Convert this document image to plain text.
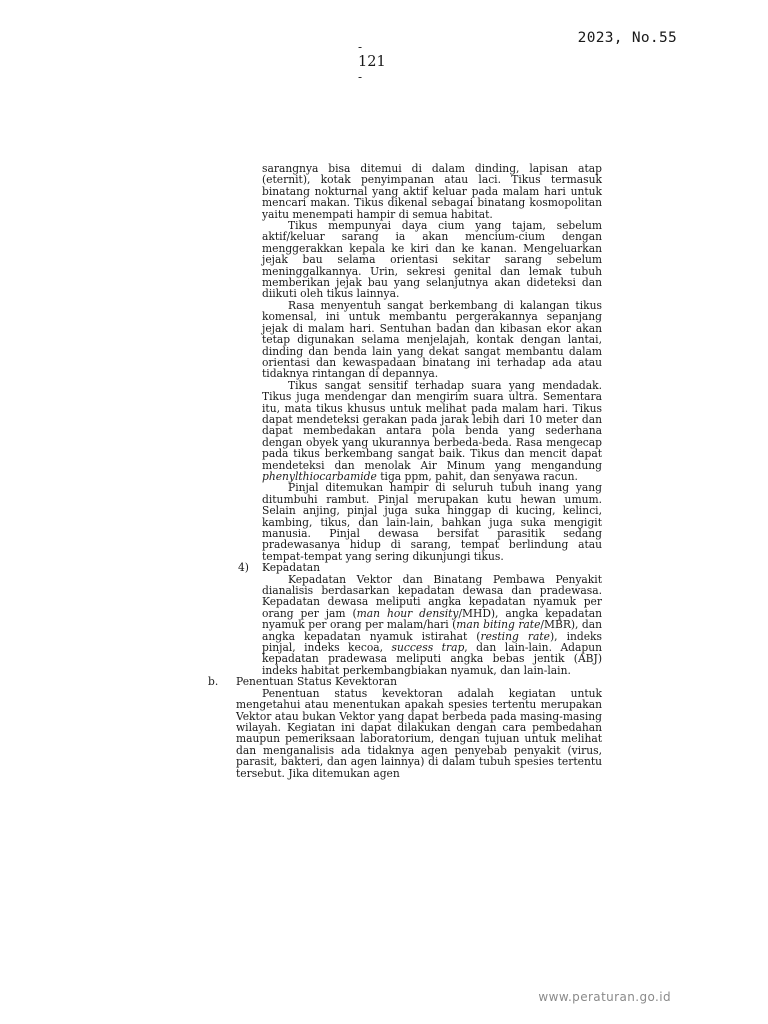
2023, No.55
-
121
-

sarangnya bisa ditemui di dalam dinding, lapisan atap (eternit), kotak penyimpanan atau laci. Tikus termasuk binatang nokturnal yang aktif keluar pada malam hari untuk mencari makan. Tikus dikenal sebagai binatang kosmopolitan yaitu menempati hampir di semua habitat.

Tikus mempunyai daya cium yang tajam, sebelum aktif/keluar sarang ia akan mencium-cium dengan menggerakkan kepala ke kiri dan ke kanan. Mengeluarkan jejak bau selama orientasi sekitar sarang sebelum meninggalkannya. Urin, sekresi genital dan lemak tubuh memberikan jejak bau yang selanjutnya akan dideteksi dan diikuti oleh tikus lainnya.

Rasa menyentuh sangat berkembang di kalangan tikus komensal, ini untuk membantu pergerakannya sepanjang jejak di malam hari. Sentuhan badan dan kibasan ekor akan tetap digunakan selama menjelajah, kontak dengan lantai, dinding dan benda lain yang dekat sangat membantu dalam orientasi dan kewaspadaan binatang ini terhadap ada atau tidaknya rintangan di depannya.

Tikus sangat sensitif terhadap suara yang mendadak. Tikus juga mendengar dan mengirim suara ultra. Sementara itu, mata tikus khusus untuk melihat pada malam hari. Tikus dapat mendeteksi gerakan pada jarak lebih dari 10 meter dan dapat membedakan antara pola benda yang sederhana dengan obyek yang ukurannya berbeda-beda. Rasa mengecap pada tikus berkembang sangat baik. Tikus dan mencit dapat mendeteksi dan menolak Air Minum yang mengandung phenylthiocarbamide tiga ppm, pahit, dan senyawa racun.

Pinjal ditemukan hampir di seluruh tubuh inang yang ditumbuhi rambut. Pinjal merupakan kutu hewan umum. Selain anjing, pinjal juga suka hinggap di kucing, kelinci, kambing, tikus, dan lain-lain, bahkan juga suka mengigit manusia. Pinjal dewasa bersifat parasitik sedang pradewasanya hidup di sarang, tempat berlindung atau tempat-tempat yang sering dikunjungi tikus.

4) Kepadatan

Kepadatan Vektor dan Binatang Pembawa Penyakit dianalisis berdasarkan kepadatan dewasa dan pradewasa. Kepadatan dewasa meliputi angka kepadatan nyamuk per orang per jam (man hour density/MHD), angka kepadatan nyamuk per orang per malam/hari (man biting rate/MBR), dan angka kepadatan nyamuk istirahat (resting rate), indeks pinjal, indeks kecoa, success trap, dan lain-lain. Adapun kepadatan pradewasa meliputi angka bebas jentik (ABJ) indeks habitat perkembangbiakan nyamuk, dan lain-lain.

b. Penentuan Status Kevektoran

Penentuan status kevektoran adalah kegiatan untuk mengetahui atau menentukan apakah spesies tertentu merupakan Vektor atau bukan Vektor yang dapat berbeda pada masing-masing wilayah. Kegiatan ini dapat dilakukan dengan cara pembedahan maupun pemeriksaan laboratorium, dengan tujuan untuk melihat dan menganalisis ada tidaknya agen penyebab penyakit (virus, parasit, bakteri, dan agen lainnya) di dalam tubuh spesies tertentu tersebut. Jika ditemukan agen

www.peraturan.go.id
